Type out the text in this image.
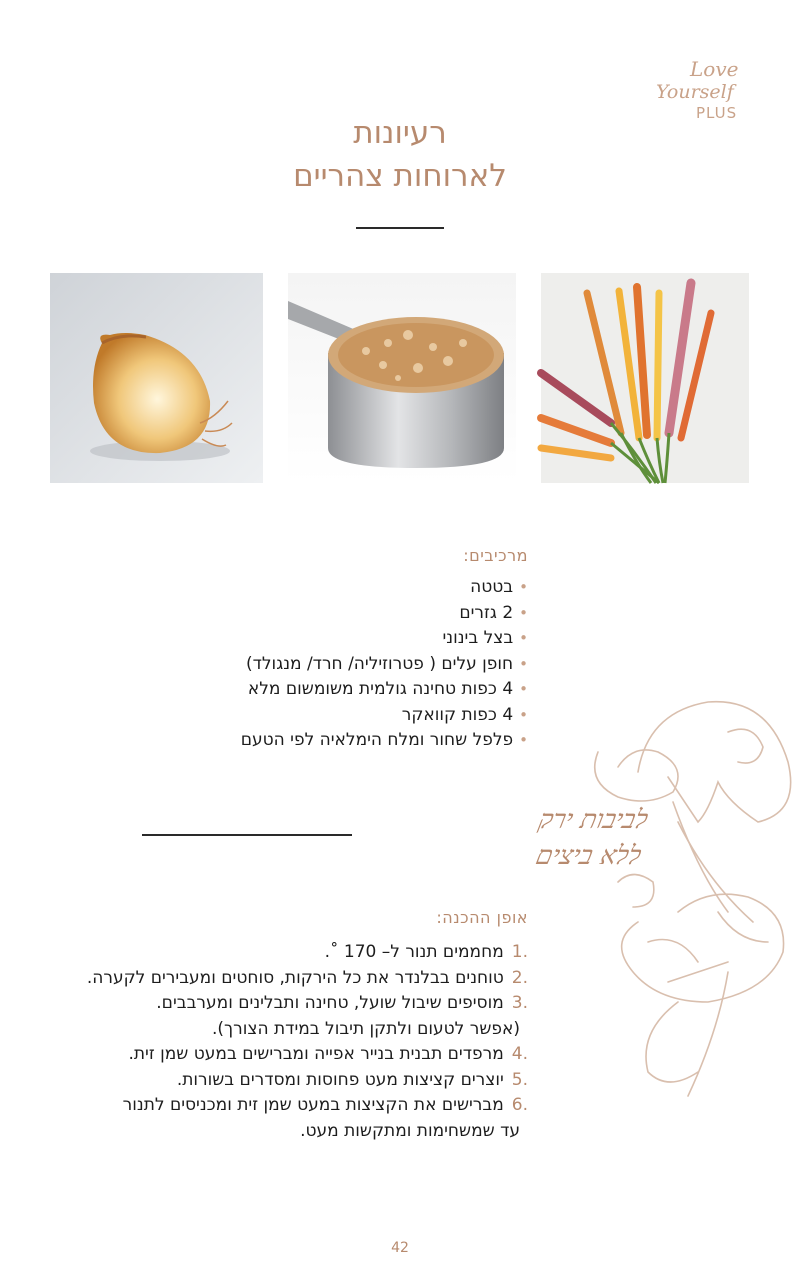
Love
Yourself
PLUS
רעיונות
לארוחות צהריים
מרכיבים:
•בטטה
•2 גזרים
•בצל בינוני
•חופן עלים ( פטרוזיליה/ חרד/ מנגולד)
•4 כפות טחינה גולמית משומשום מלא
•4 כפות קוואקר
•פלפל שחור ומלח הימלאיה לפי הטעם
לביבות ירק
ללא ביצים
אופן ההכנה:
.1מחממים תנור ל– 170 ˚.
.2טוחנים בבלנדר את כל הירקות, סוחטים ומעבירים לקערה.
.3מוסיפים שיבול שועל, טחינה ותבלינים ומערבבים.
(אפשר לטעום ולתקן תיבול במידת הצורך).
.4מרפדים תבנית בנייר אפייה ומברישים במעט שמן זית.
.5יוצרים קציצות מעט פחוסות ומסדרים בשורות.
.6מברישים את הקציצות במעט שמן זית ומכניסים לתנור
עד שמשחימות ומתקשות מעט.
42
